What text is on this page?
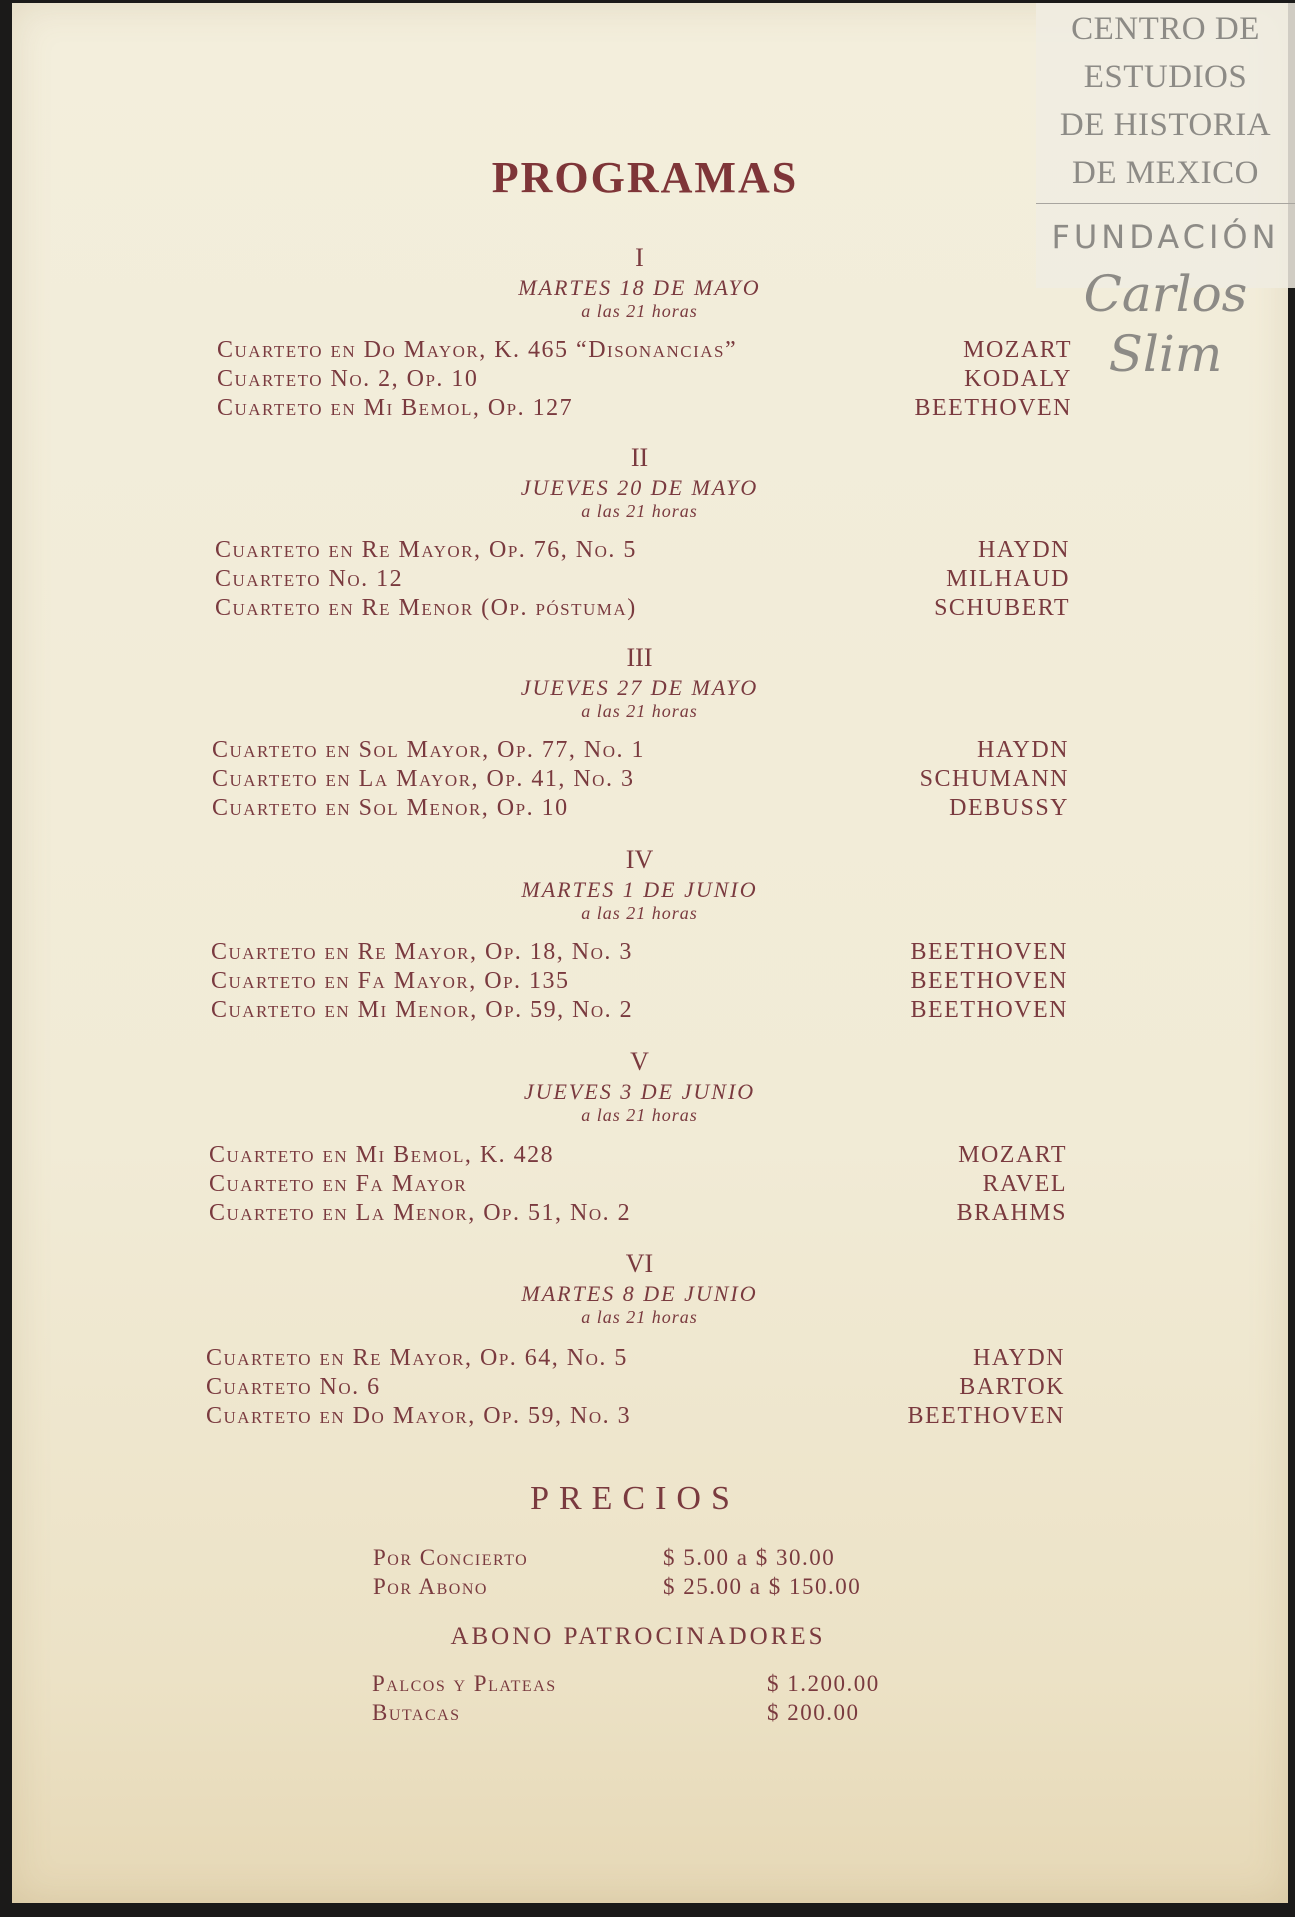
CENTRO DE
ESTUDIOS
DE HISTORIA
DE MEXICO
FUNDACIÓN
Carlos Slim
PROGRAMAS
I
MARTES 18 DE MAYO
a las 21 horas
Cuarteto en Do Mayor, K. 465 “Disonancias”	MOZART
Cuarteto No. 2, Op. 10	KODALY
Cuarteto en Mi Bemol, Op. 127	BEETHOVEN
II
JUEVES 20 DE MAYO
a las 21 horas
Cuarteto en Re Mayor, Op. 76, No. 5	HAYDN
Cuarteto No. 12	MILHAUD
Cuarteto en Re Menor (Op. póstuma)	SCHUBERT
III
JUEVES 27 DE MAYO
a las 21 horas
Cuarteto en Sol Mayor, Op. 77, No. 1	HAYDN
Cuarteto en La Mayor, Op. 41, No. 3	SCHUMANN
Cuarteto en Sol Menor, Op. 10	DEBUSSY
IV
MARTES 1 DE JUNIO
a las 21 horas
Cuarteto en Re Mayor, Op. 18, No. 3	BEETHOVEN
Cuarteto en Fa Mayor, Op. 135	BEETHOVEN
Cuarteto en Mi Menor, Op. 59, No. 2	BEETHOVEN
V
JUEVES 3 DE JUNIO
a las 21 horas
Cuarteto en Mi Bemol, K. 428	MOZART
Cuarteto en Fa Mayor	RAVEL
Cuarteto en La Menor, Op. 51, No. 2	BRAHMS
VI
MARTES 8 DE JUNIO
a las 21 horas
Cuarteto en Re Mayor, Op. 64, No. 5	HAYDN
Cuarteto No. 6	BARTOK
Cuarteto en Do Mayor, Op. 59, No. 3	BEETHOVEN
PRECIOS
Por Concierto	$ 5.00 a $ 30.00
Por Abono	$ 25.00 a $ 150.00
ABONO PATROCINADORES
Palcos y Plateas	$ 1.200.00
Butacas	$ 200.00
